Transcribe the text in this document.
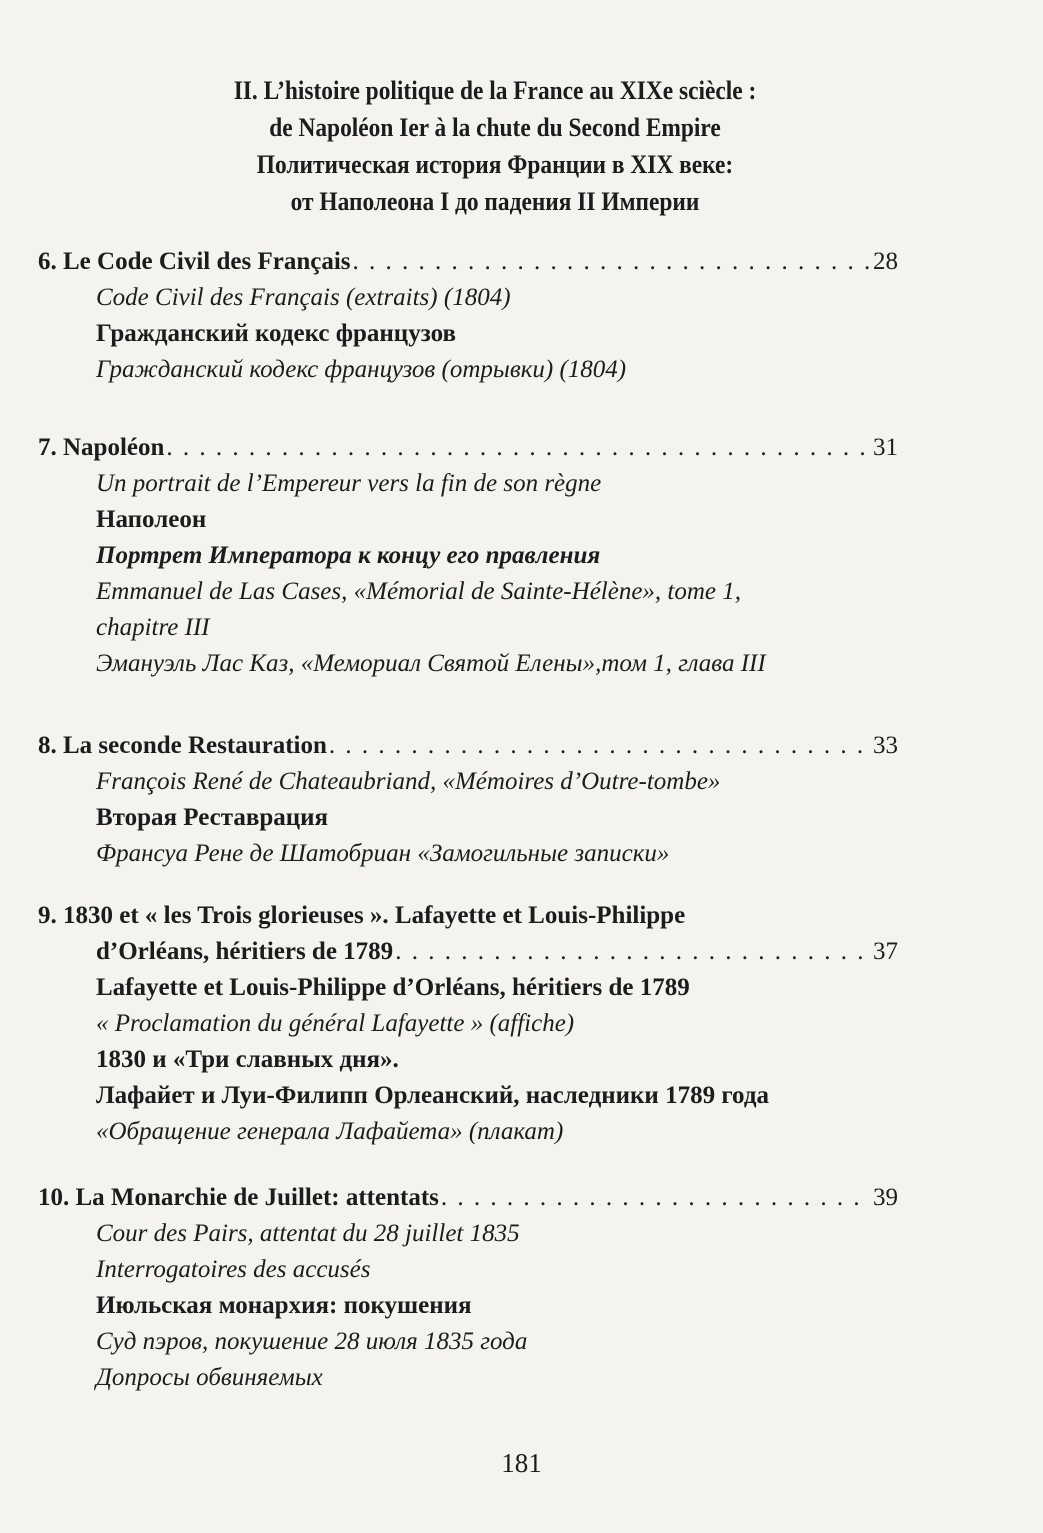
II. L’histoire politique de la France au XIXe sciècle :
de Napoléon Ier à la chute du Second Empire
Политическая история Франции в XIX веке:
от Наполеона I до падения II Империи
6. Le Code Civil des Français . . .	28
Code Civil des Français (extraits) (1804)
Гражданский кодекс французов
Гражданский кодекс французов (отрывки) (1804)
7. Napoléon . . .	31
Un portrait de l’Empereur vers la fin de son règne
Наполеон
Портрет Императора к концу его правления
Emmanuel de Las Cases, «Mémorial de Sainte-Hélène», tome 1,
chapitre III
Эмануэль Лас Каз, «Мемориал Святой Елены»,том 1, глава III
8. La seconde Restauration . . .	33
François René de Chateaubriand, «Mémoires d’Outre-tombe»
Вторая Реставрация
Франсуа Рене де Шатобриан «Замогильные записки»
9. 1830 et « les Trois glorieuses ». Lafayette et Louis-Philippe
d’Orléans, héritiers de 1789 . . .	37
Lafayette et Louis-Philippe d’Orléans, héritiers de 1789
« Proclamation du général Lafayette » (affiche)
1830 и «Три славных дня».
Лафайет и Луи-Филипп Орлеанский, наследники 1789 года
«Обращение генерала Лафайета» (плакат)
10. La Monarchie de Juillet: attentats . . .	39
Cour des Pairs, attentat du 28 juillet 1835
Interrogatoires des accusés
Июльская монархия: покушения
Суд пэров, покушение 28 июля 1835 года
Допросы обвиняемых
181
